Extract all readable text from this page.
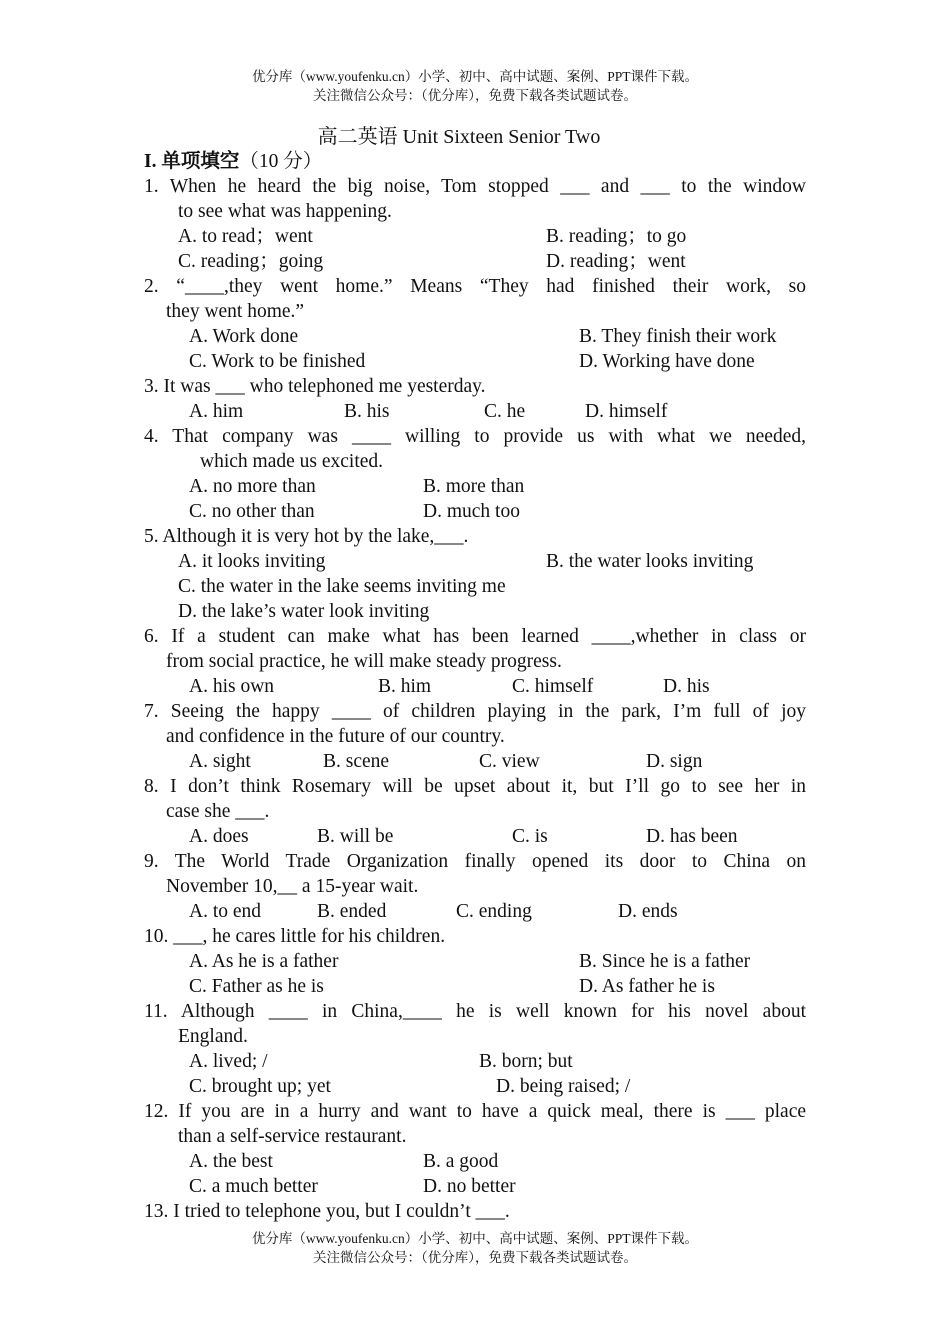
优分库（www.youfenku.cn）小学、初中、高中试题、案例、PPT课件下载。
关注微信公众号：（优分库），免费下载各类试题试卷。
高二英语 Unit Sixteen Senior Two
I. 单项填空（10 分）
1. When he heard the big noise, Tom stopped ___ and ___ to the window
to see what was happening.
A. to read；went	B. reading；to go
C. reading；going	D. reading；went
2. “____,they went home.” Means “They had finished their work, so
they went home.”
A. Work done	B. They finish their work
C. Work to be finished	D. Working have done
3. It was ___ who telephoned me yesterday.
A. him	B. his	C. he	D. himself
4. That company was ____ willing to provide us with what we needed,
which made us excited.
A. no more than	B. more than
C. no other than	D. much too
5. Although it is very hot by the lake,___.
A. it looks inviting	B. the water looks inviting
C. the water in the lake seems inviting me
D. the lake’s water look inviting
6. If a student can make what has been learned ____,whether in class or
from social practice, he will make steady progress.
A. his own	B. him	C. himself	D. his
7. Seeing the happy ____ of children playing in the park, I’m full of joy
and confidence in the future of our country.
A. sight	B. scene	C. view	D. sign
8. I don’t think Rosemary will be upset about it, but I’ll go to see her in
case she ___.
A. does	B. will be	C. is	D. has been
9. The World Trade Organization finally opened its door to China on
November 10,__ a 15-year wait.
A. to end	B. ended	C. ending	D. ends
10. ___, he cares little for his children.
A. As he is a father	B. Since he is a father
C. Father as he is	D. As father he is
11. Although ____ in China,____ he is well known for his novel about
England.
A. lived; /	B. born; but
C. brought up; yet	D. being raised; /
12. If you are in a hurry and want to have a quick meal, there is ___ place
than a self-service restaurant.
A. the best	B. a good
C. a much better	D. no better
13. I tried to telephone you, but I couldn’t ___.
优分库（www.youfenku.cn）小学、初中、高中试题、案例、PPT课件下载。
关注微信公众号：（优分库），免费下载各类试题试卷。
